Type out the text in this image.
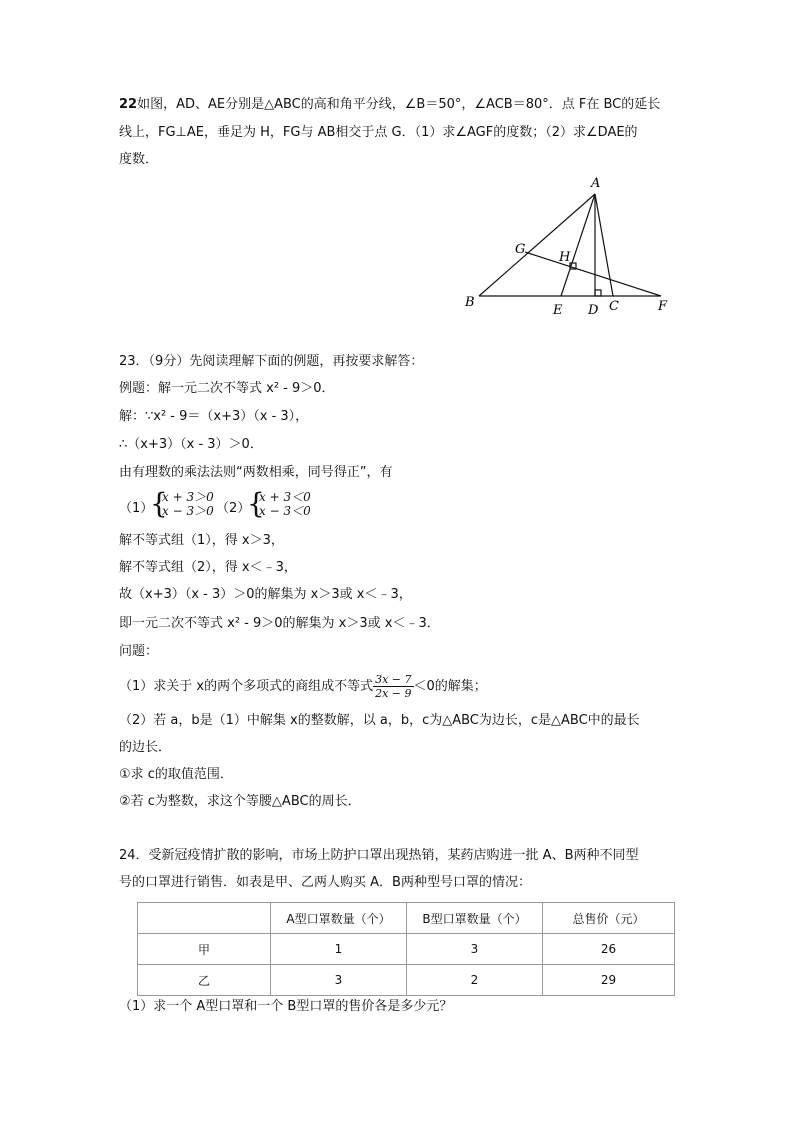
22如图，AD、AE分别是△ABC的高和角平分线，∠B＝50°，∠ACB＝80°．点 F在 BC的延长
线上，FG⊥AE，垂足为 H，FG与 AB相交于点 G．（1）求∠AGF的度数；（2）求∠DAE的
度数．
A
G
H
B
E D C	F
23．（9分）先阅读理解下面的例题，再按要求解答：
例题：解一元二次不等式 x² - 9＞0．
解：∵x² - 9＝（x+3）（x - 3），
∴（x+3）（x - 3）＞0．
由有理数的乘法法则“两数相乘，同号得正”，有
（1）
{
x + 3＞0
x − 3＞0 （2）
{
x + 3＜0
x − 3＜0
解不等式组（1），得 x＞3，
解不等式组（2），得 x＜﹣3，
故（x+3）（x - 3）＞0的解集为 x＞3或 x＜﹣3，
即一元二次不等式 x² - 9＞0的解集为 x＞3或 x＜﹣3．
问题：
（1）求关于 x的两个多项式的商组成不等式 $\frac{3x - 7}{2x - 9} <0$的解集；
（2）若 a，b是（1）中解集 x的整数解，以 a，b，c为△ABC为边长，c是△ABC中的最长
的边长．
①求 c的取值范围．
②若 c为整数，求这个等腰△ABC的周长．
24．受新冠疫情扩散的影响，市场上防护口罩出现热销，某药店购进一批 A、B两种不同型
号的口罩进行销售．如表是甲、乙两人购买 A．B两种型号口罩的情况：
	A型口罩数量（个）	B型口罩数量（个）	总售价（元）
甲	1	3	26
乙	3	2	29
（1）求一个 A型口罩和一个 B型口罩的售价各是多少元？
